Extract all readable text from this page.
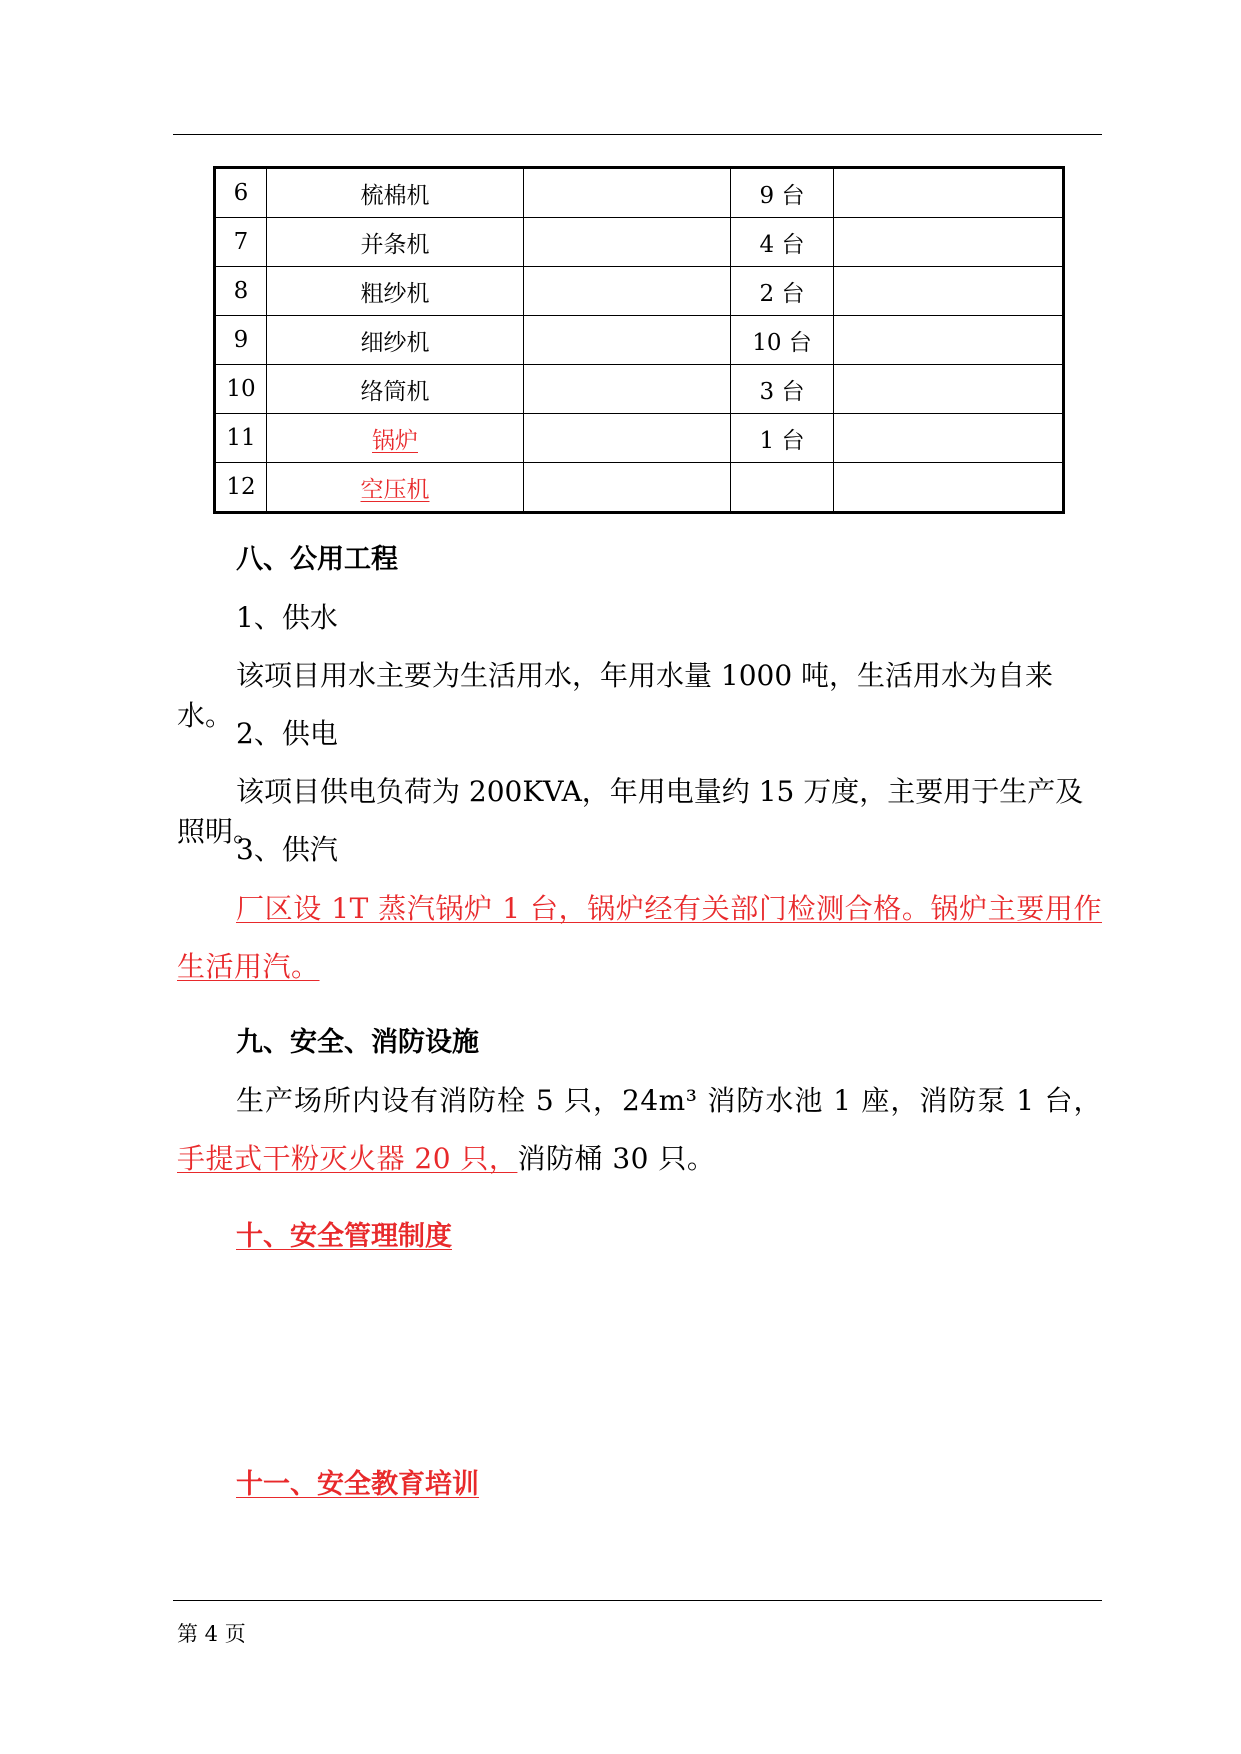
6	梳棉机		9 台	
7	并条机		4 台	
8	粗纱机		2 台	
9	细纱机		10 台	
10	络筒机		3 台	
11	锅炉		1 台	
12	空压机			
八、公用工程
1、供水
该项目用水主要为生活用水，年用水量 1000 吨，生活用水为自来水。
2、供电
该项目供电负荷为 200KVA，年用电量约 15 万度，主要用于生产及照明。
3、供汽
厂区设 1T 蒸汽锅炉 1 台，锅炉经有关部门检测合格。锅炉主要用作生活用汽。
九、安全、消防设施
生产场所内设有消防栓 5 只，24m³ 消防水池 1 座，消防泵 1 台，手提式干粉灭火器 20 只，消防桶 30 只。
十、安全管理制度
十一、安全教育培训
第 4 页
